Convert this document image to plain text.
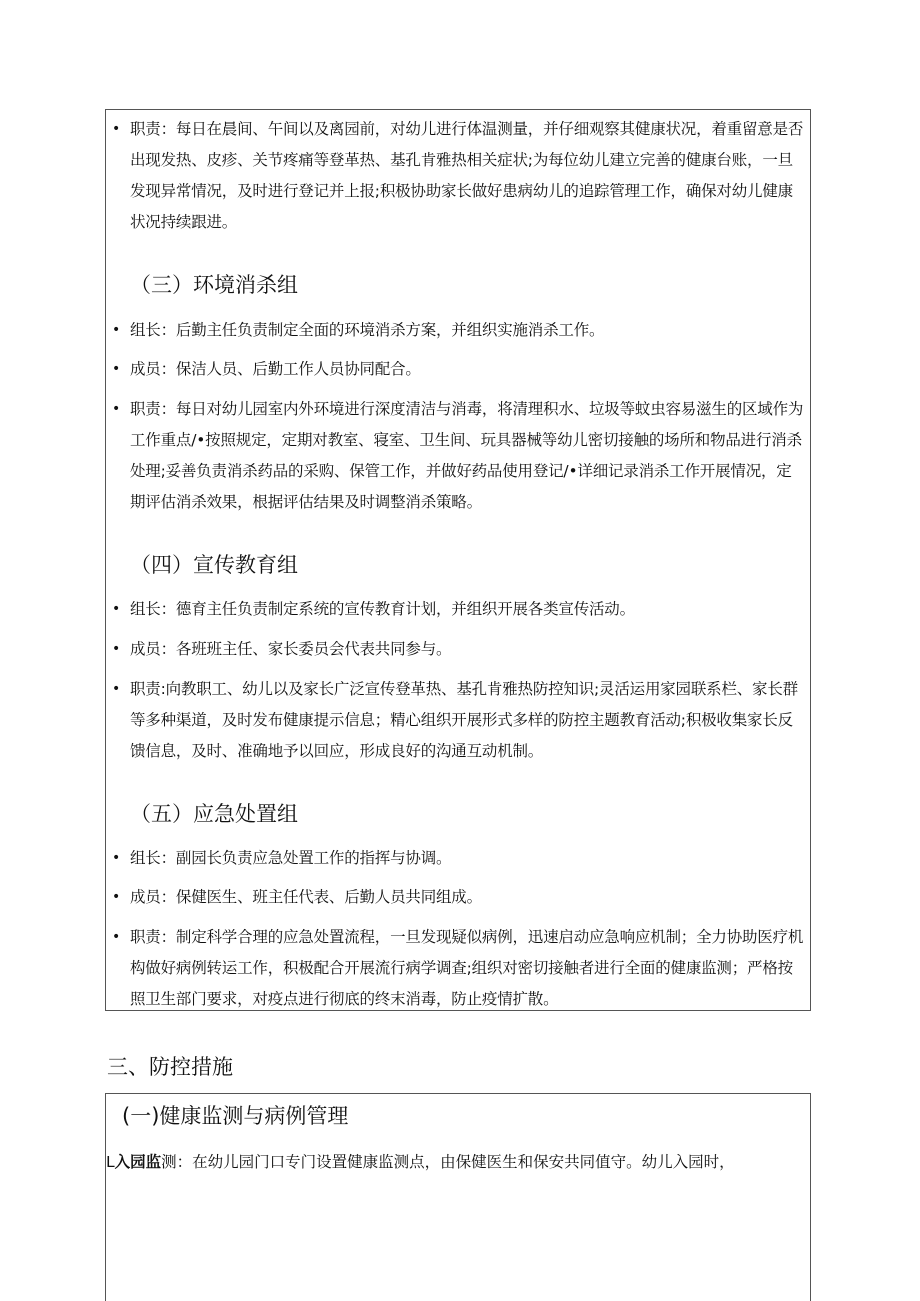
• 职责：每日在晨间、午间以及离园前，对幼儿进行体温测量，并仔细观察其健康状况，着重留意是否出现发热、皮疹、关节疼痛等登革热、基孔肯雅热相关症状;为每位幼儿建立完善的健康台账，一旦发现异常情况，及时进行登记并上报;积极协助家长做好患病幼儿的追踪管理工作，确保对幼儿健康状况持续跟进。
（三）环境消杀组
• 组长：后勤主任负责制定全面的环境消杀方案，并组织实施消杀工作。
• 成员：保洁人员、后勤工作人员协同配合。
• 职责：每日对幼儿园室内外环境进行深度清洁与消毒，将清理积水、垃圾等蚊虫容易滋生的区域作为工作重点/•按照规定，定期对教室、寝室、卫生间、玩具器械等幼儿密切接触的场所和物品进行消杀处理;妥善负责消杀药品的采购、保管工作，并做好药品使用登记/•详细记录消杀工作开展情况，定期评估消杀效果，根据评估结果及时调整消杀策略。
（四）宣传教育组
• 组长：德育主任负责制定系统的宣传教育计划，并组织开展各类宣传活动。
• 成员：各班班主任、家长委员会代表共同参与。
• 职责:向教职工、幼儿以及家长广泛宣传登革热、基孔肯雅热防控知识;灵活运用家园联系栏、家长群等多种渠道，及时发布健康提示信息；精心组织开展形式多样的防控主题教育活动;积极收集家长反馈信息，及时、准确地予以回应，形成良好的沟通互动机制。
（五）应急处置组
• 组长：副园长负责应急处置工作的指挥与协调。
• 成员：保健医生、班主任代表、后勤人员共同组成。
• 职责：制定科学合理的应急处置流程，一旦发现疑似病例，迅速启动应急响应机制；全力协助医疗机构做好病例转运工作，积极配合开展流行病学调查;组织对密切接触者进行全面的健康监测；严格按照卫生部门要求，对疫点进行彻底的终末消毒，防止疫情扩散。
三、防控措施
(一)健康监测与病例管理
L入园监测：在幼儿园门口专门设置健康监测点，由保健医生和保安共同值守。幼儿入园时，
